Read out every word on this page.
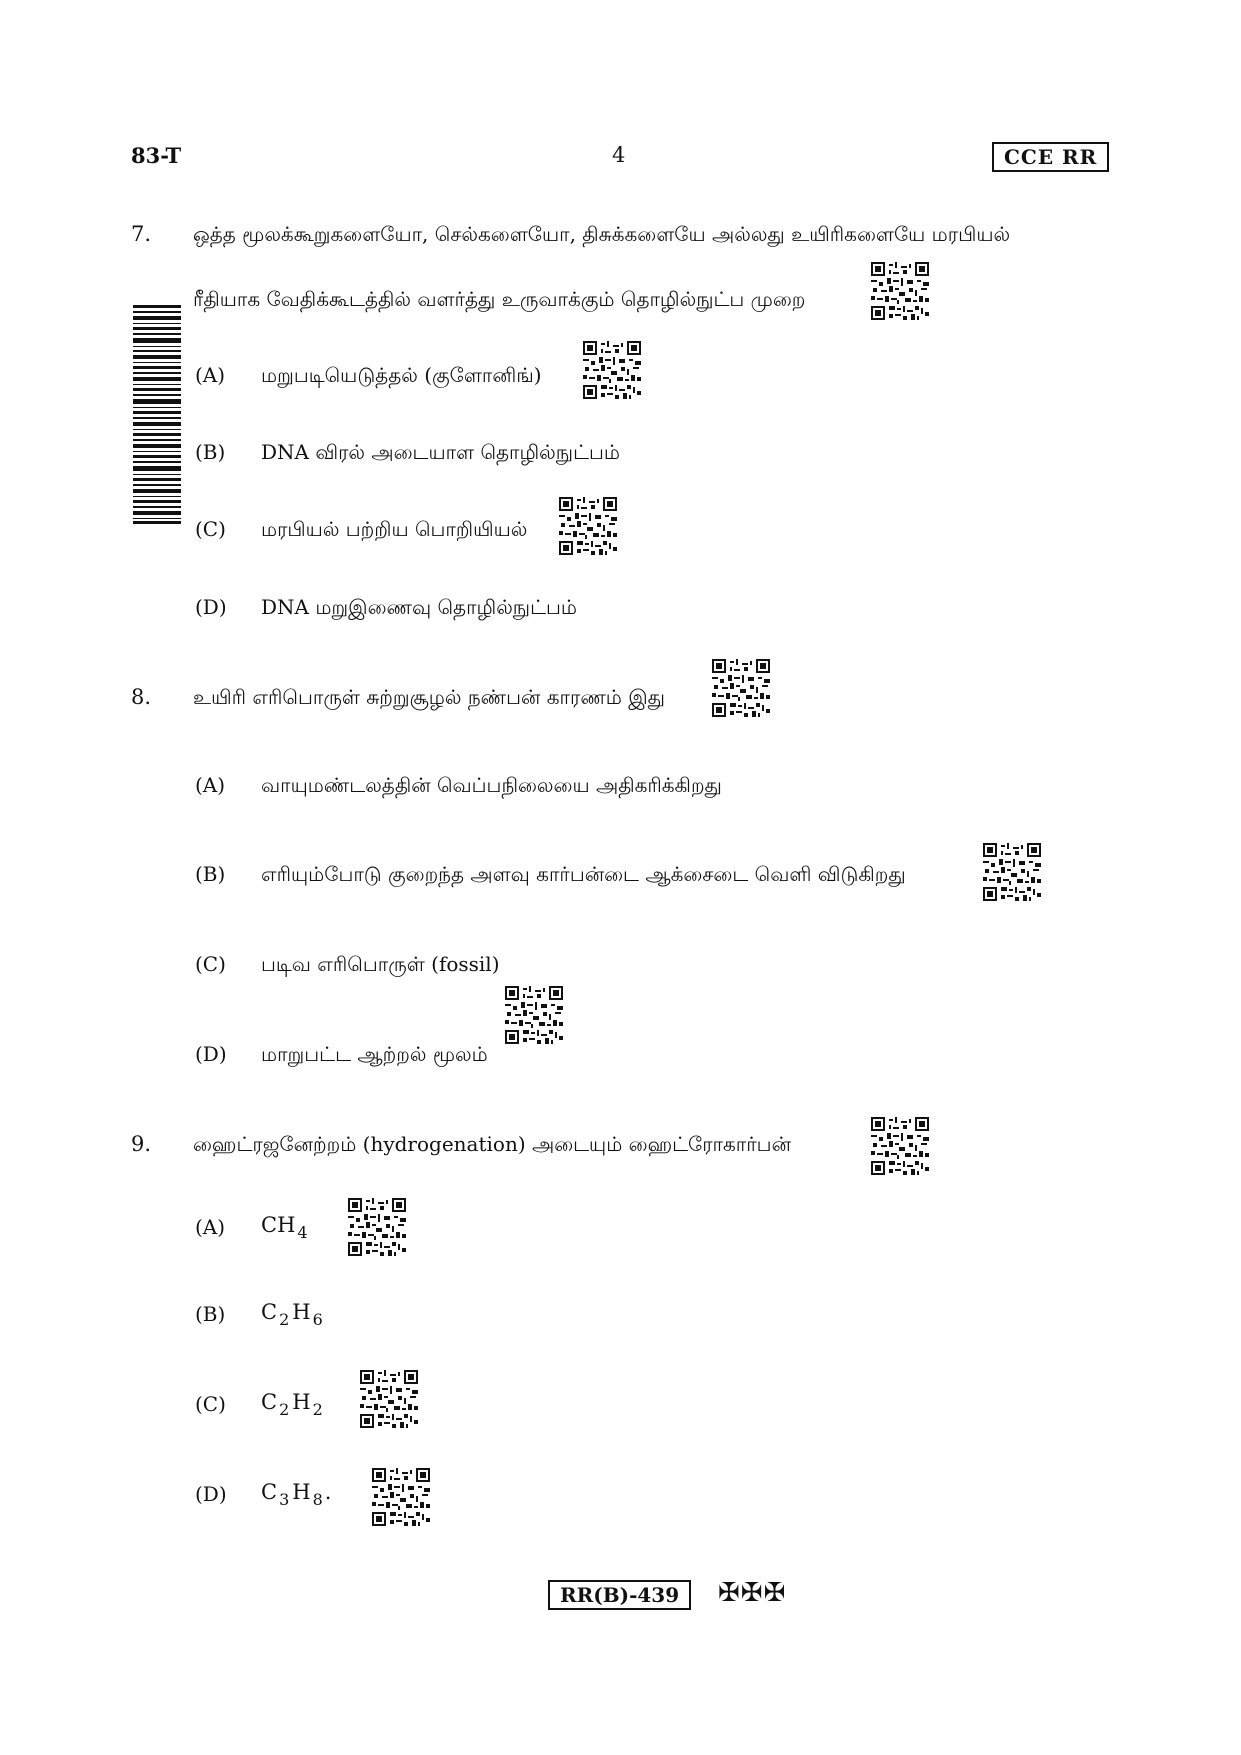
83-T	4	CCE RR
7. ஒத்த மூலக்கூறுகளையோ, செல்களையோ, திசுக்களையே அல்லது உயிரிகளையே மரபியல்
ரீதியாக வேதிக்கூடத்தில் வளர்த்து உருவாக்கும் தொழில்நுட்ப முறை
(A) மறுபடியெடுத்தல் (குளோனிங்)
(B) DNA விரல் அடையாள தொழில்நுட்பம்
(C) மரபியல் பற்றிய பொறியியல்
(D) DNA மறுஇணைவு தொழில்நுட்பம்
8. உயிரி எரிபொருள் சுற்றுசூழல் நண்பன் காரணம் இது
(A) வாயுமண்டலத்தின் வெப்பநிலையை அதிகரிக்கிறது
(B) எரியும்போடு குறைந்த அளவு கார்பன்டை ஆக்சைடை வெளி விடுகிறது
(C) படிவ எரிபொருள் (fossil)
(D) மாறுபட்ட ஆற்றல் மூலம்
9. ஹைட்ரஜனேற்றம் (hydrogenation) அடையும் ஹைட்ரோகார்பன்
(A) CH $_4$
(B) C $_2$ H $_6$
(C) C $_2$ H $_2$
(D) C $_3$ H $_8$.
RR(B)-439	✠✠✠
